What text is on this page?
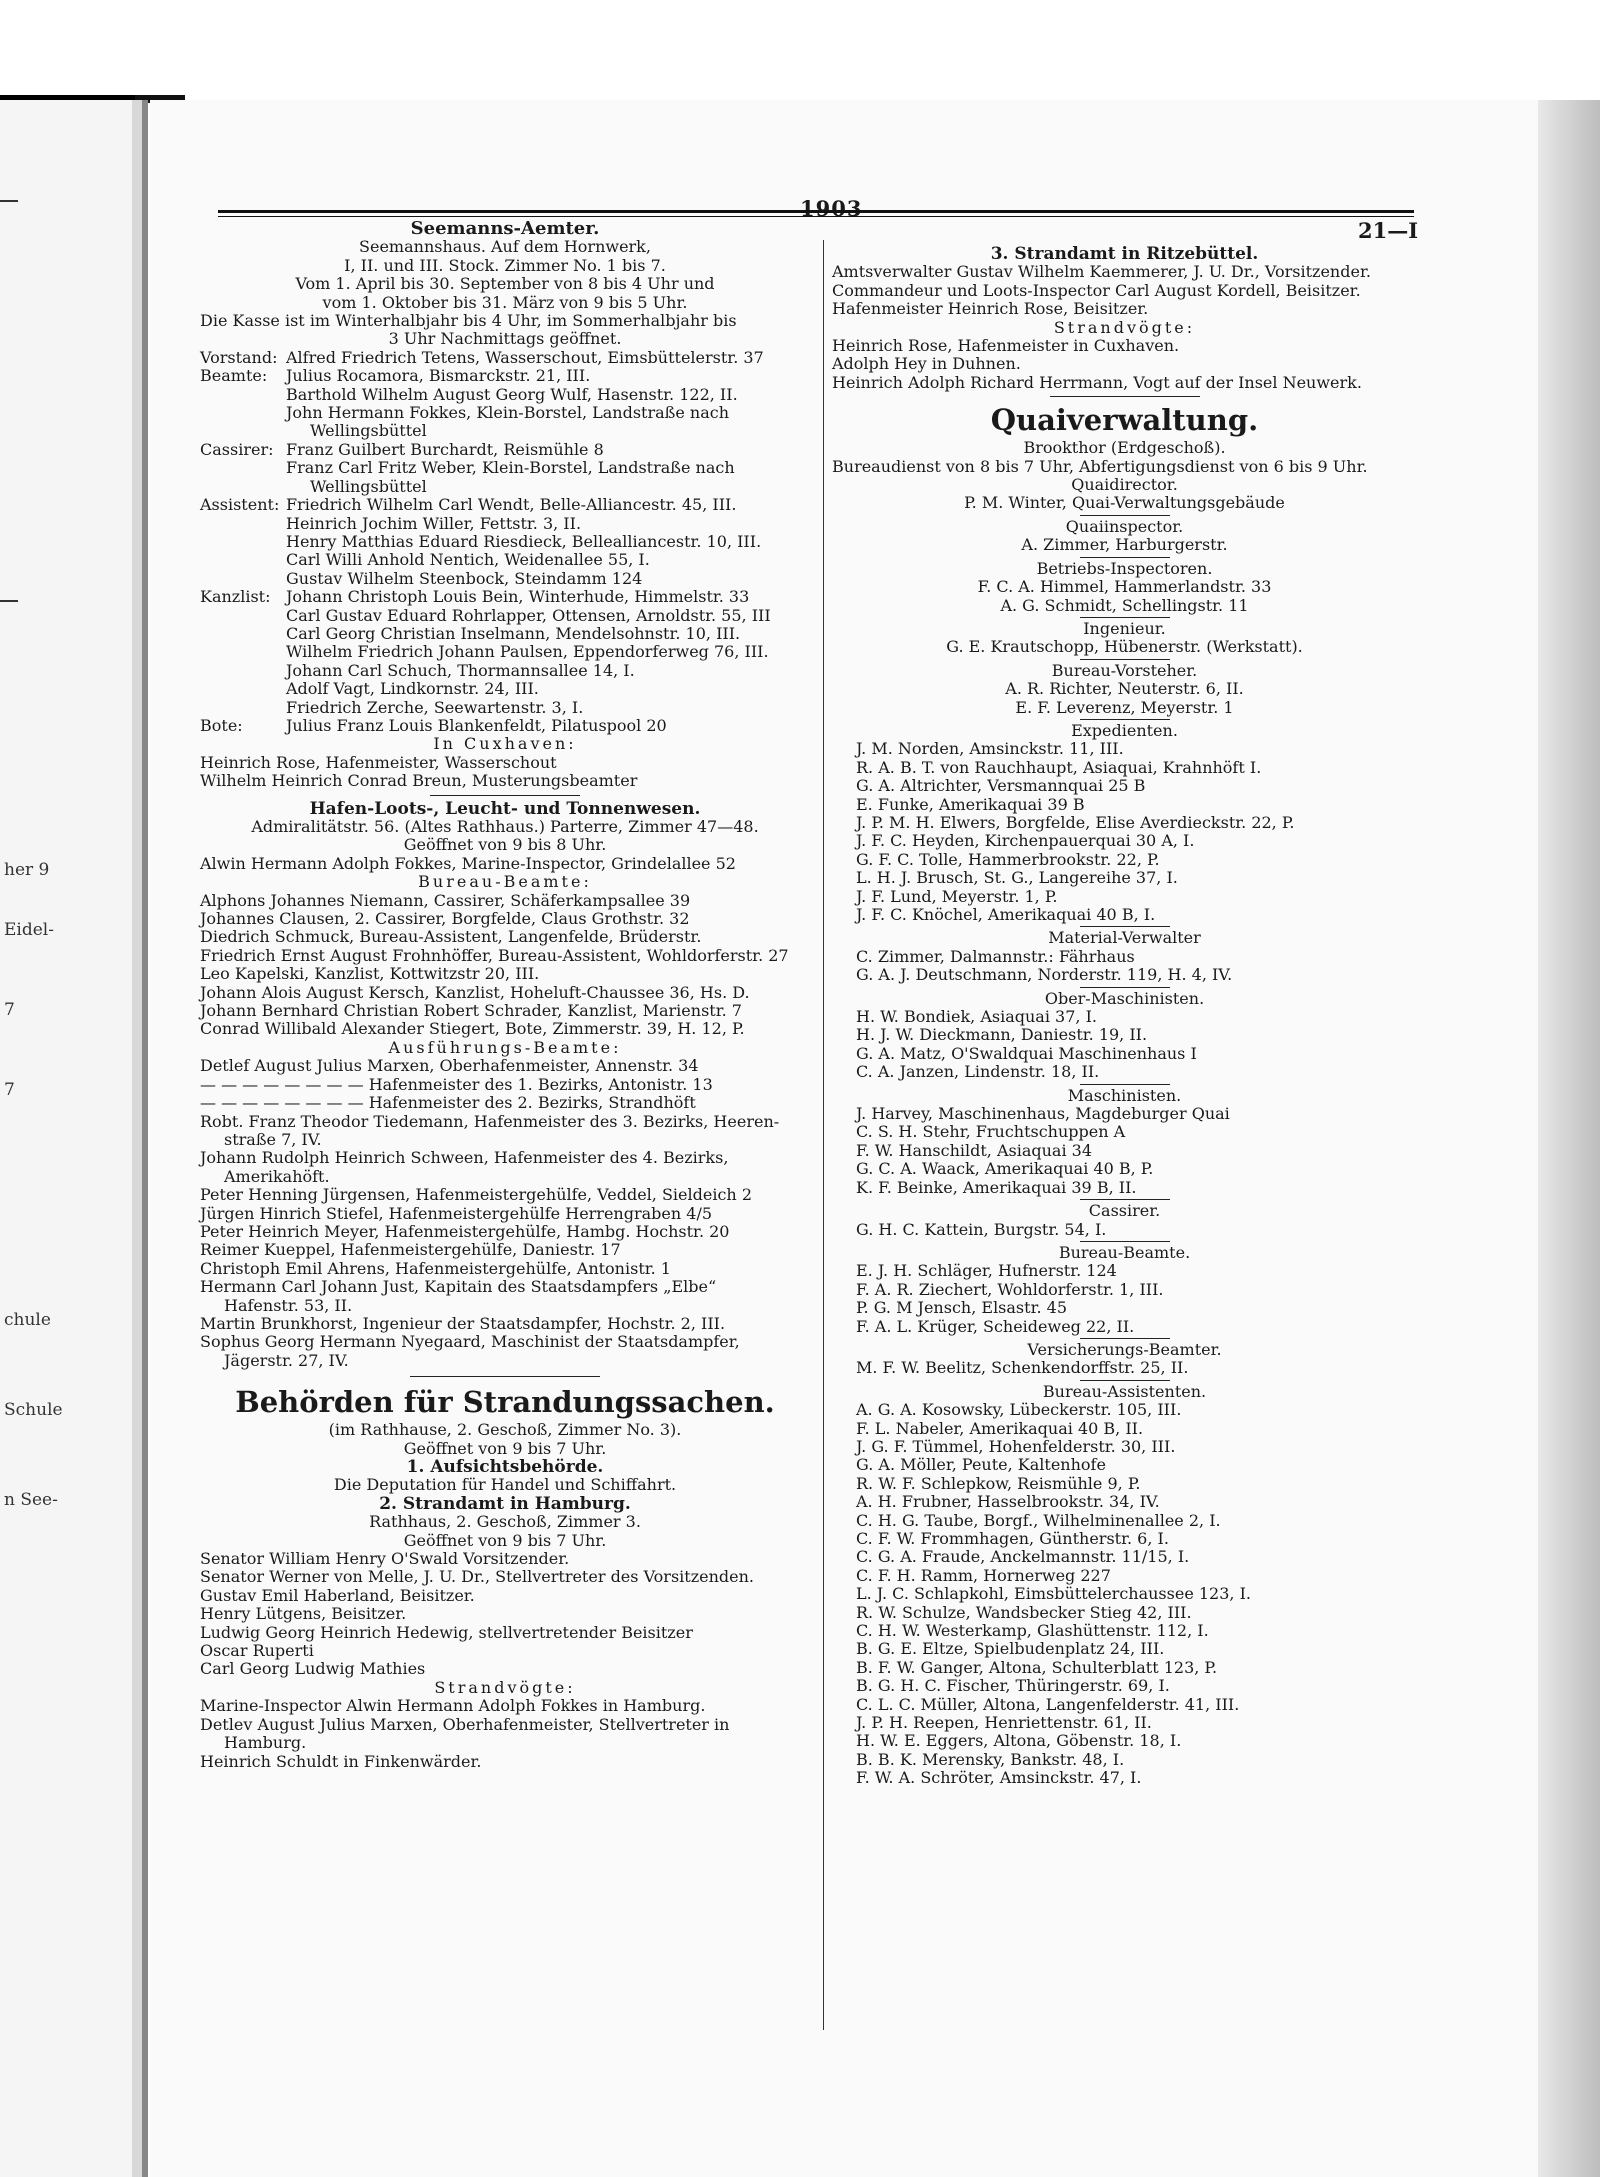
her 9
Eidel-
7
7
chule
Schule
n See-
1903
21—I
Seemanns-Aemter.
Seemannshaus. Auf dem Hornwerk,
I, II. und III. Stock. Zimmer No. 1 bis 7.
Vom 1. April bis 30. September von 8 bis 4 Uhr und
vom 1. Oktober bis 31. März von 9 bis 5 Uhr.
Die Kasse ist im Winterhalbjahr bis 4 Uhr, im Sommerhalbjahr bis
3 Uhr Nachmittags geöffnet.
Vorstand: Alfred Friedrich Tetens, Wasserschout, Eimsbüttelerstr. 37
Beamte:	Julius Rocamora, Bismarckstr. 21, III.
Barthold Wilhelm August Georg Wulf, Hasenstr. 122, II.
John Hermann Fokkes, Klein-Borstel, Landstraße nach
Wellingsbüttel
Cassirer: Franz Guilbert Burchardt, Reismühle 8
Franz Carl Fritz Weber, Klein-Borstel, Landstraße nach
Wellingsbüttel
Assistent: Friedrich Wilhelm Carl Wendt, Belle-Alliancestr. 45, III.
Heinrich Jochim Willer, Fettstr. 3, II.
Henry Matthias Eduard Riesdieck, Bellealliancestr. 10, III.
Carl Willi Anhold Nentich, Weidenallee 55, I.
Gustav Wilhelm Steenbock, Steindamm 124
Kanzlist: Johann Christoph Louis Bein, Winterhude, Himmelstr. 33
Carl Gustav Eduard Rohrlapper, Ottensen, Arnoldstr. 55, III
Carl Georg Christian Inselmann, Mendelsohnstr. 10, III.
Wilhelm Friedrich Johann Paulsen, Eppendorferweg 76, III.
Johann Carl Schuch, Thormannsallee 14, I.
Adolf Vagt, Lindkornstr. 24, III.
Friedrich Zerche, Seewartenstr. 3, I.
Bote:	Julius Franz Louis Blankenfeldt, Pilatuspool 20
In Cuxhaven:
Heinrich Rose, Hafenmeister, Wasserschout
Wilhelm Heinrich Conrad Breun, Musterungsbeamter
Hafen-Loots-, Leucht- und Tonnenwesen.
Admiralitätstr. 56. (Altes Rathhaus.) Parterre, Zimmer 47—48.
Geöffnet von 9 bis 8 Uhr.
Alwin Hermann Adolph Fokkes, Marine-Inspector, Grindelallee 52
Bureau-Beamte:
Alphons Johannes Niemann, Cassirer, Schäferkampsallee 39
Johannes Clausen, 2. Cassirer, Borgfelde, Claus Grothstr. 32
Diedrich Schmuck, Bureau-Assistent, Langenfelde, Brüderstr.
Friedrich Ernst August Frohnhöffer, Bureau-Assistent, Wohldorferstr. 27
Leo Kapelski, Kanzlist, Kottwitzstr 20, III.
Johann Alois August Kersch, Kanzlist, Hoheluft-Chaussee 36, Hs. D.
Johann Bernhard Christian Robert Schrader, Kanzlist, Marienstr. 7
Conrad Willibald Alexander Stiegert, Bote, Zimmerstr. 39, H. 12, P.
Ausführungs-Beamte:
Detlef August Julius Marxen, Oberhafenmeister, Annenstr. 34
— — — — — — — — Hafenmeister des 1. Bezirks, Antonistr. 13
— — — — — — — — Hafenmeister des 2. Bezirks, Strandhöft
Robt. Franz Theodor Tiedemann, Hafenmeister des 3. Bezirks, Heeren-
straße 7, IV.
Johann Rudolph Heinrich Schween, Hafenmeister des 4. Bezirks,
Amerikahöft.
Peter Henning Jürgensen, Hafenmeistergehülfe, Veddel, Sieldeich 2
Jürgen Hinrich Stiefel, Hafenmeistergehülfe Herrengraben 4/5
Peter Heinrich Meyer, Hafenmeistergehülfe, Hambg. Hochstr. 20
Reimer Kueppel, Hafenmeistergehülfe, Daniestr. 17
Christoph Emil Ahrens, Hafenmeistergehülfe, Antonistr. 1
Hermann Carl Johann Just, Kapitain des Staatsdampfers „Elbe“
Hafenstr. 53, II.
Martin Brunkhorst, Ingenieur der Staatsdampfer, Hochstr. 2, III.
Sophus Georg Hermann Nyegaard, Maschinist der Staatsdampfer,
Jägerstr. 27, IV.
Behörden für Strandungssachen.
(im Rathhause, 2. Geschoß, Zimmer No. 3).
Geöffnet von 9 bis 7 Uhr.
1. Aufsichtsbehörde.
Die Deputation für Handel und Schiffahrt.
2. Strandamt in Hamburg.
Rathhaus, 2. Geschoß, Zimmer 3.
Geöffnet von 9 bis 7 Uhr.
Senator William Henry O'Swald Vorsitzender.
Senator Werner von Melle, J. U. Dr., Stellvertreter des Vorsitzenden.
Gustav Emil Haberland, Beisitzer.
Henry Lütgens, Beisitzer.
Ludwig Georg Heinrich Hedewig, stellvertretender Beisitzer
Oscar Ruperti
Carl Georg Ludwig Mathies
Strandvögte:
Marine-Inspector Alwin Hermann Adolph Fokkes in Hamburg.
Detlev August Julius Marxen, Oberhafenmeister, Stellvertreter in
Hamburg.
Heinrich Schuldt in Finkenwärder.
3. Strandamt in Ritzebüttel.
Amtsverwalter Gustav Wilhelm Kaemmerer, J. U. Dr., Vorsitzender.
Commandeur und Loots-Inspector Carl August Kordell, Beisitzer.
Hafenmeister Heinrich Rose, Beisitzer.
Strandvögte:
Heinrich Rose, Hafenmeister in Cuxhaven.
Adolph Hey in Duhnen.
Heinrich Adolph Richard Herrmann, Vogt auf der Insel Neuwerk.
Quaiverwaltung.
Brookthor (Erdgeschoß).
Bureaudienst von 8 bis 7 Uhr, Abfertigungsdienst von 6 bis 9 Uhr.
Quaidirector.
P. M. Winter, Quai-Verwaltungsgebäude
Quaiinspector.
A. Zimmer, Harburgerstr.
Betriebs-Inspectoren.
F. C. A. Himmel, Hammerlandstr. 33
A. G. Schmidt, Schellingstr. 11
Ingenieur.
G. E. Krautschopp, Hübenerstr. (Werkstatt).
Bureau-Vorsteher.
A. R. Richter, Neuterstr. 6, II.
E. F. Leverenz, Meyerstr. 1
Expedienten.
J. M. Norden, Amsinckstr. 11, III.
R. A. B. T. von Rauchhaupt, Asiaquai, Krahnhöft I.
G. A. Altrichter, Versmannquai 25 B
E. Funke, Amerikaquai 39 B
J. P. M. H. Elwers, Borgfelde, Elise Averdieckstr. 22, P.
J. F. C. Heyden, Kirchenpauerquai 30 A, I.
G. F. C. Tolle, Hammerbrookstr. 22, P.
L. H. J. Brusch, St. G., Langereihe 37, I.
J. F. Lund, Meyerstr. 1, P.
J. F. C. Knöchel, Amerikaquai 40 B, I.
Material-Verwalter
C. Zimmer, Dalmannstr.: Fährhaus
G. A. J. Deutschmann, Norderstr. 119, H. 4, IV.
Ober-Maschinisten.
H. W. Bondiek, Asiaquai 37, I.
H. J. W. Dieckmann, Daniestr. 19, II.
G. A. Matz, O'Swaldquai Maschinenhaus I
C. A. Janzen, Lindenstr. 18, II.
Maschinisten.
J. Harvey, Maschinenhaus, Magdeburger Quai
C. S. H. Stehr, Fruchtschuppen A
F. W. Hanschildt, Asiaquai 34
G. C. A. Waack, Amerikaquai 40 B, P.
K. F. Beinke, Amerikaquai 39 B, II.
Cassirer.
G. H. C. Kattein, Burgstr. 54, I.
Bureau-Beamte.
E. J. H. Schläger, Hufnerstr. 124
F. A. R. Ziechert, Wohldorferstr. 1, III.
P. G. M Jensch, Elsastr. 45
F. A. L. Krüger, Scheideweg 22, II.
Versicherungs-Beamter.
M. F. W. Beelitz, Schenkendorffstr. 25, II.
Bureau-Assistenten.
A. G. A. Kosowsky, Lübeckerstr. 105, III.
F. L. Nabeler, Amerikaquai 40 B, II.
J. G. F. Tümmel, Hohenfelderstr. 30, III.
G. A. Möller, Peute, Kaltenhofe
R. W. F. Schlepkow, Reismühle 9, P.
A. H. Frubner, Hasselbrookstr. 34, IV.
C. H. G. Taube, Borgf., Wilhelminenallee 2, I.
C. F. W. Frommhagen, Güntherstr. 6, I.
C. G. A. Fraude, Anckelmannstr. 11/15, I.
C. F. H. Ramm, Hornerweg 227
L. J. C. Schlapkohl, Eimsbüttelerchaussee 123, I.
R. W. Schulze, Wandsbecker Stieg 42, III.
C. H. W. Westerkamp, Glashüttenstr. 112, I.
B. G. E. Eltze, Spielbudenplatz 24, III.
B. F. W. Ganger, Altona, Schulterblatt 123, P.
B. G. H. C. Fischer, Thüringerstr. 69, I.
C. L. C. Müller, Altona, Langenfelderstr. 41, III.
J. P. H. Reepen, Henriettenstr. 61, II.
H. W. E. Eggers, Altona, Göbenstr. 18, I.
B. B. K. Merensky, Bankstr. 48, I.
F. W. A. Schröter, Amsinckstr. 47, I.
